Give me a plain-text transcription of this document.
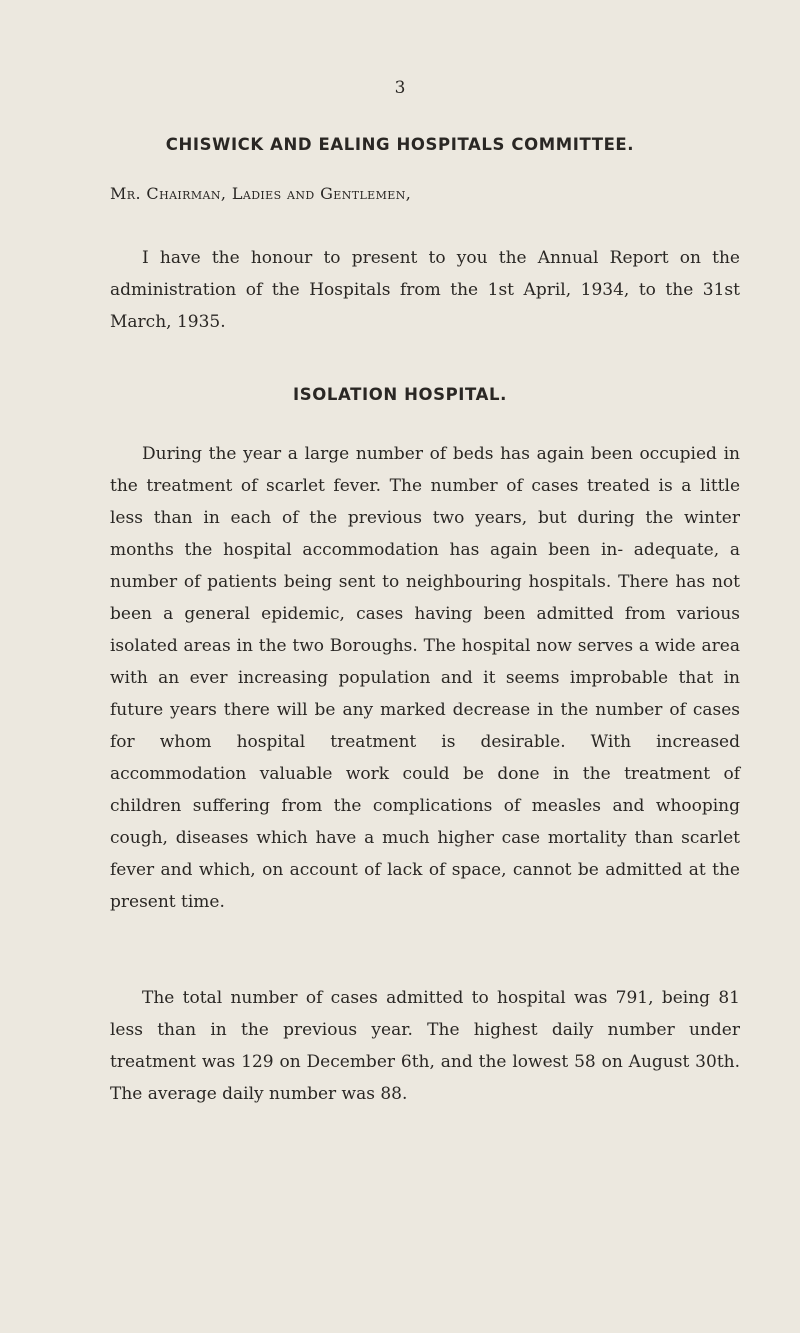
3
CHISWICK AND EALING HOSPITALS COMMITTEE.
Mr. Chairman, Ladies and Gentlemen,

I have the honour to present to you the Annual Report on the administration of the Hospitals from the 1st April, 1934, to the 31st March, 1935.

ISOLATION HOSPITAL.

During the year a large number of beds has again been occupied in the treatment of scarlet fever. The number of cases treated is a little less than in each of the previous two years, but during the winter months the hospital accommodation has again been in- adequate, a number of patients being sent to neighbouring hospitals. There has not been a general epidemic, cases having been admitted from various isolated areas in the two Boroughs. The hospital now serves a wide area with an ever increasing population and it seems improbable that in future years there will be any marked decrease in the number of cases for whom hospital treatment is desirable. With increased accommodation valuable work could be done in the treatment of children suffering from the complications of measles and whooping cough, diseases which have a much higher case mortality than scarlet fever and which, on account of lack of space, cannot be admitted at the present time.

The total number of cases admitted to hospital was 791, being 81 less than in the previous year. The highest daily number under treatment was 129 on December 6th, and the lowest 58 on August 30th. The average daily number was 88.
